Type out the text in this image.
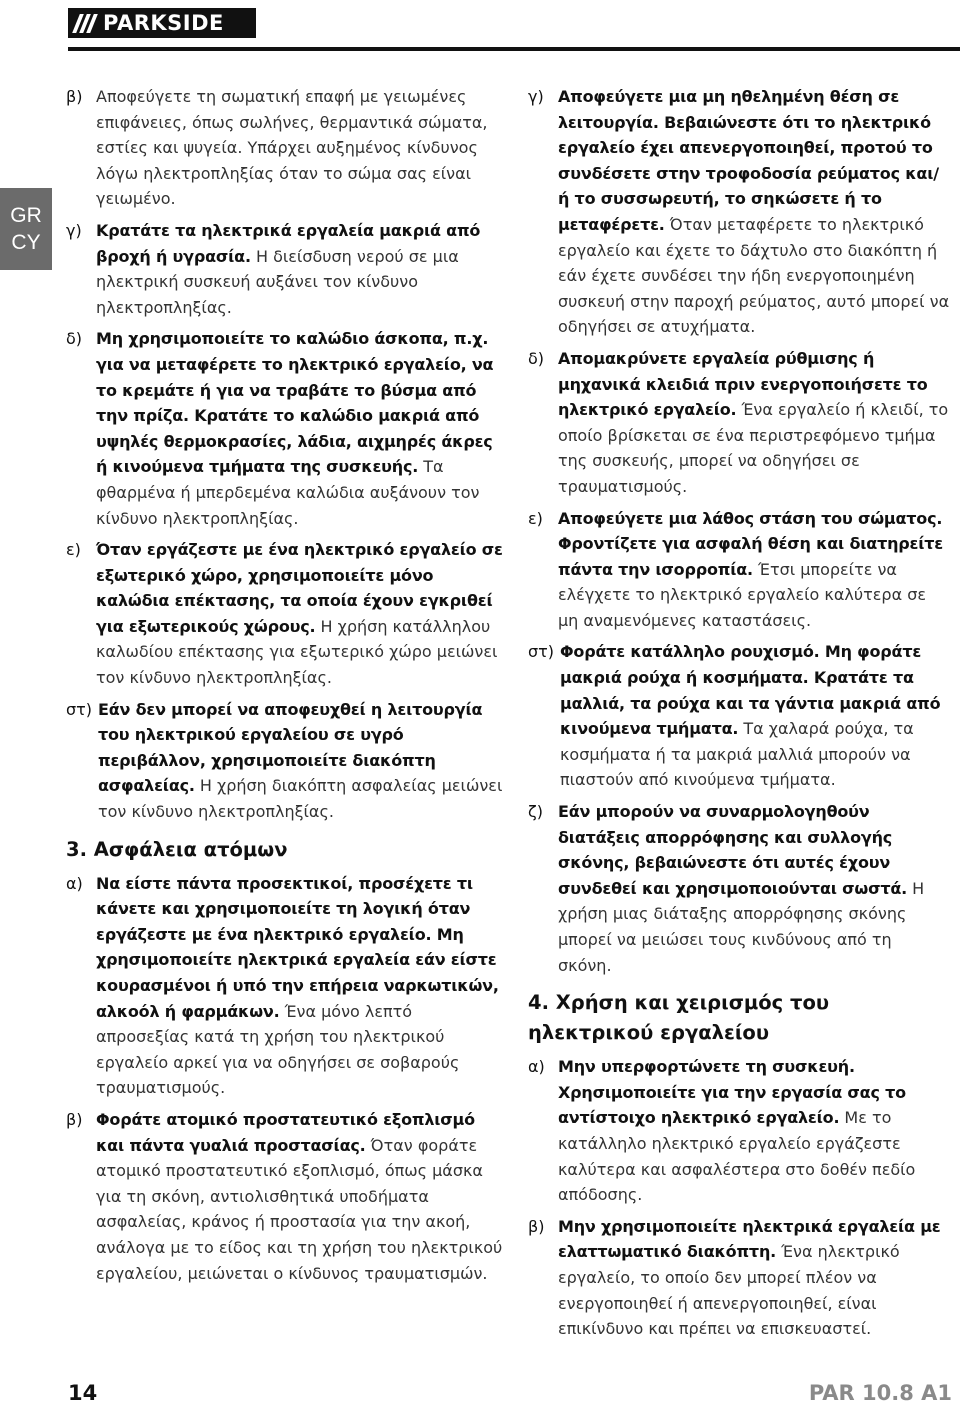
PARKSIDE
GR
CY
β) Αποφεύγετε τη σωματική επαφή με γειωμένες επιφάνειες, όπως σωλήνες, θερμαντικά σώματα, εστίες και ψυγεία. Υπάρχει αυξημένος κίνδυνος λόγω ηλεκτροπληξίας όταν το σώμα σας είναι γειωμένο.
γ) Κρατάτε τα ηλεκτρικά εργαλεία μακριά από βροχή ή υγρασία. Η διείσδυση νερού σε μια ηλεκτρική συσκευή αυξάνει τον κίνδυνο ηλεκτροπληξίας.
δ) Μη χρησιμοποιείτε το καλώδιο άσκοπα, π.χ. για να μεταφέρετε το ηλεκτρικό εργαλείο, να το κρεμάτε ή για να τραβάτε το βύσμα από την πρίζα. Κρατάτε το καλώδιο μακριά από υψηλές θερμοκρασίες, λάδια, αιχμηρές άκρες ή κινούμενα τμήματα της συσκευής. Τα φθαρμένα ή μπερδεμένα καλώδια αυξάνουν τον κίνδυνο ηλεκτροπληξίας.
ε) Όταν εργάζεστε με ένα ηλεκτρικό εργαλείο σε εξωτερικό χώρο, χρησιμοποιείτε μόνο καλώδια επέκτασης, τα οποία έχουν εγκριθεί για εξωτερικούς χώρους. Η χρήση κατάλληλου καλωδίου επέκτασης για εξωτερικό χώρο μειώνει τον κίνδυνο ηλεκτροπληξίας.
στ) Εάν δεν μπορεί να αποφευχθεί η λειτουργία του ηλεκτρικού εργαλείου σε υγρό περιβάλλον, χρησιμοποιείτε διακόπτη ασφαλείας. Η χρήση διακόπτη ασφαλείας μειώνει τον κίνδυνο ηλεκτροπληξίας.
3. Ασφάλεια ατόμων
α) Να είστε πάντα προσεκτικοί, προσέχετε τι κάνετε και χρησιμοποιείτε τη λογική όταν εργάζεστε με ένα ηλεκτρικό εργαλείο. Μη χρησιμοποιείτε ηλεκτρικά εργαλεία εάν είστε κουρασμένοι ή υπό την επήρεια ναρκωτικών, αλκοόλ ή φαρμάκων. Ένα μόνο λεπτό απροσεξίας κατά τη χρήση του ηλεκτρικού εργαλείο αρκεί για να οδηγήσει σε σοβαρούς τραυματισμούς.
β) Φοράτε ατομικό προστατευτικό εξοπλισμό και πάντα γυαλιά προστασίας. Όταν φοράτε ατομικό προστατευτικό εξοπλισμό, όπως μάσκα για τη σκόνη, αντιολισθητικά υποδήματα ασφαλείας, κράνος ή προστασία για την ακοή, ανάλογα με το είδος και τη χρήση του ηλεκτρικού εργαλείου, μειώνεται ο κίνδυνος τραυματισμών.
γ) Αποφεύγετε μια μη ηθελημένη θέση σε λειτουργία. Βεβαιώνεστε ότι το ηλεκτρικό εργαλείο έχει απενεργοποιηθεί, προτού το συνδέσετε στην τροφοδοσία ρεύματος και/ή το συσσωρευτή, το σηκώσετε ή το μεταφέρετε. Όταν μεταφέρετε το ηλεκτρικό εργαλείο και έχετε το δάχτυλο στο διακόπτη ή εάν έχετε συνδέσει την ήδη ενεργοποιημένη συσκευή στην παροχή ρεύματος, αυτό μπορεί να οδηγήσει σε ατυχήματα.
δ) Απομακρύνετε εργαλεία ρύθμισης ή μηχανικά κλειδιά πριν ενεργοποιήσετε το ηλεκτρικό εργαλείο. Ένα εργαλείο ή κλειδί, το οποίο βρίσκεται σε ένα περιστρεφόμενο τμήμα της συσκευής, μπορεί να οδηγήσει σε τραυματισμούς.
ε) Αποφεύγετε μια λάθος στάση του σώματος. Φροντίζετε για ασφαλή θέση και διατηρείτε πάντα την ισορροπία. Έτσι μπορείτε να ελέγχετε το ηλεκτρικό εργαλείο καλύτερα σε μη αναμενόμενες καταστάσεις.
στ) Φοράτε κατάλληλο ρουχισμό. Μη φοράτε μακριά ρούχα ή κοσμήματα. Κρατάτε τα μαλλιά, τα ρούχα και τα γάντια μακριά από κινούμενα τμήματα. Τα χαλαρά ρούχα, τα κοσμήματα ή τα μακριά μαλλιά μπορούν να πιαστούν από κινούμενα τμήματα.
ζ) Εάν μπορούν να συναρμολογηθούν διατάξεις απορρόφησης και συλλογής σκόνης, βεβαιώνεστε ότι αυτές έχουν συνδεθεί και χρησιμοποιούνται σωστά. Η χρήση μιας διάταξης απορρόφησης σκόνης μπορεί να μειώσει τους κινδύνους από τη σκόνη.
4. Χρήση και χειρισμός του ηλεκτρικού εργαλείου
α) Μην υπερφορτώνετε τη συσκευή. Χρησιμοποιείτε για την εργασία σας το αντίστοιχο ηλεκτρικό εργαλείο. Με το κατάλληλο ηλεκτρικό εργαλείο εργάζεστε καλύτερα και ασφαλέστερα στο δοθέν πεδίο απόδοσης.
β) Μην χρησιμοποιείτε ηλεκτρικά εργαλεία με ελαττωματικό διακόπτη. Ένα ηλεκτρικό εργαλείο, το οποίο δεν μπορεί πλέον να ενεργοποιηθεί ή απενεργοποιηθεί, είναι επικίνδυνο και πρέπει να επισκευαστεί.
14	PAR 10.8 A1
